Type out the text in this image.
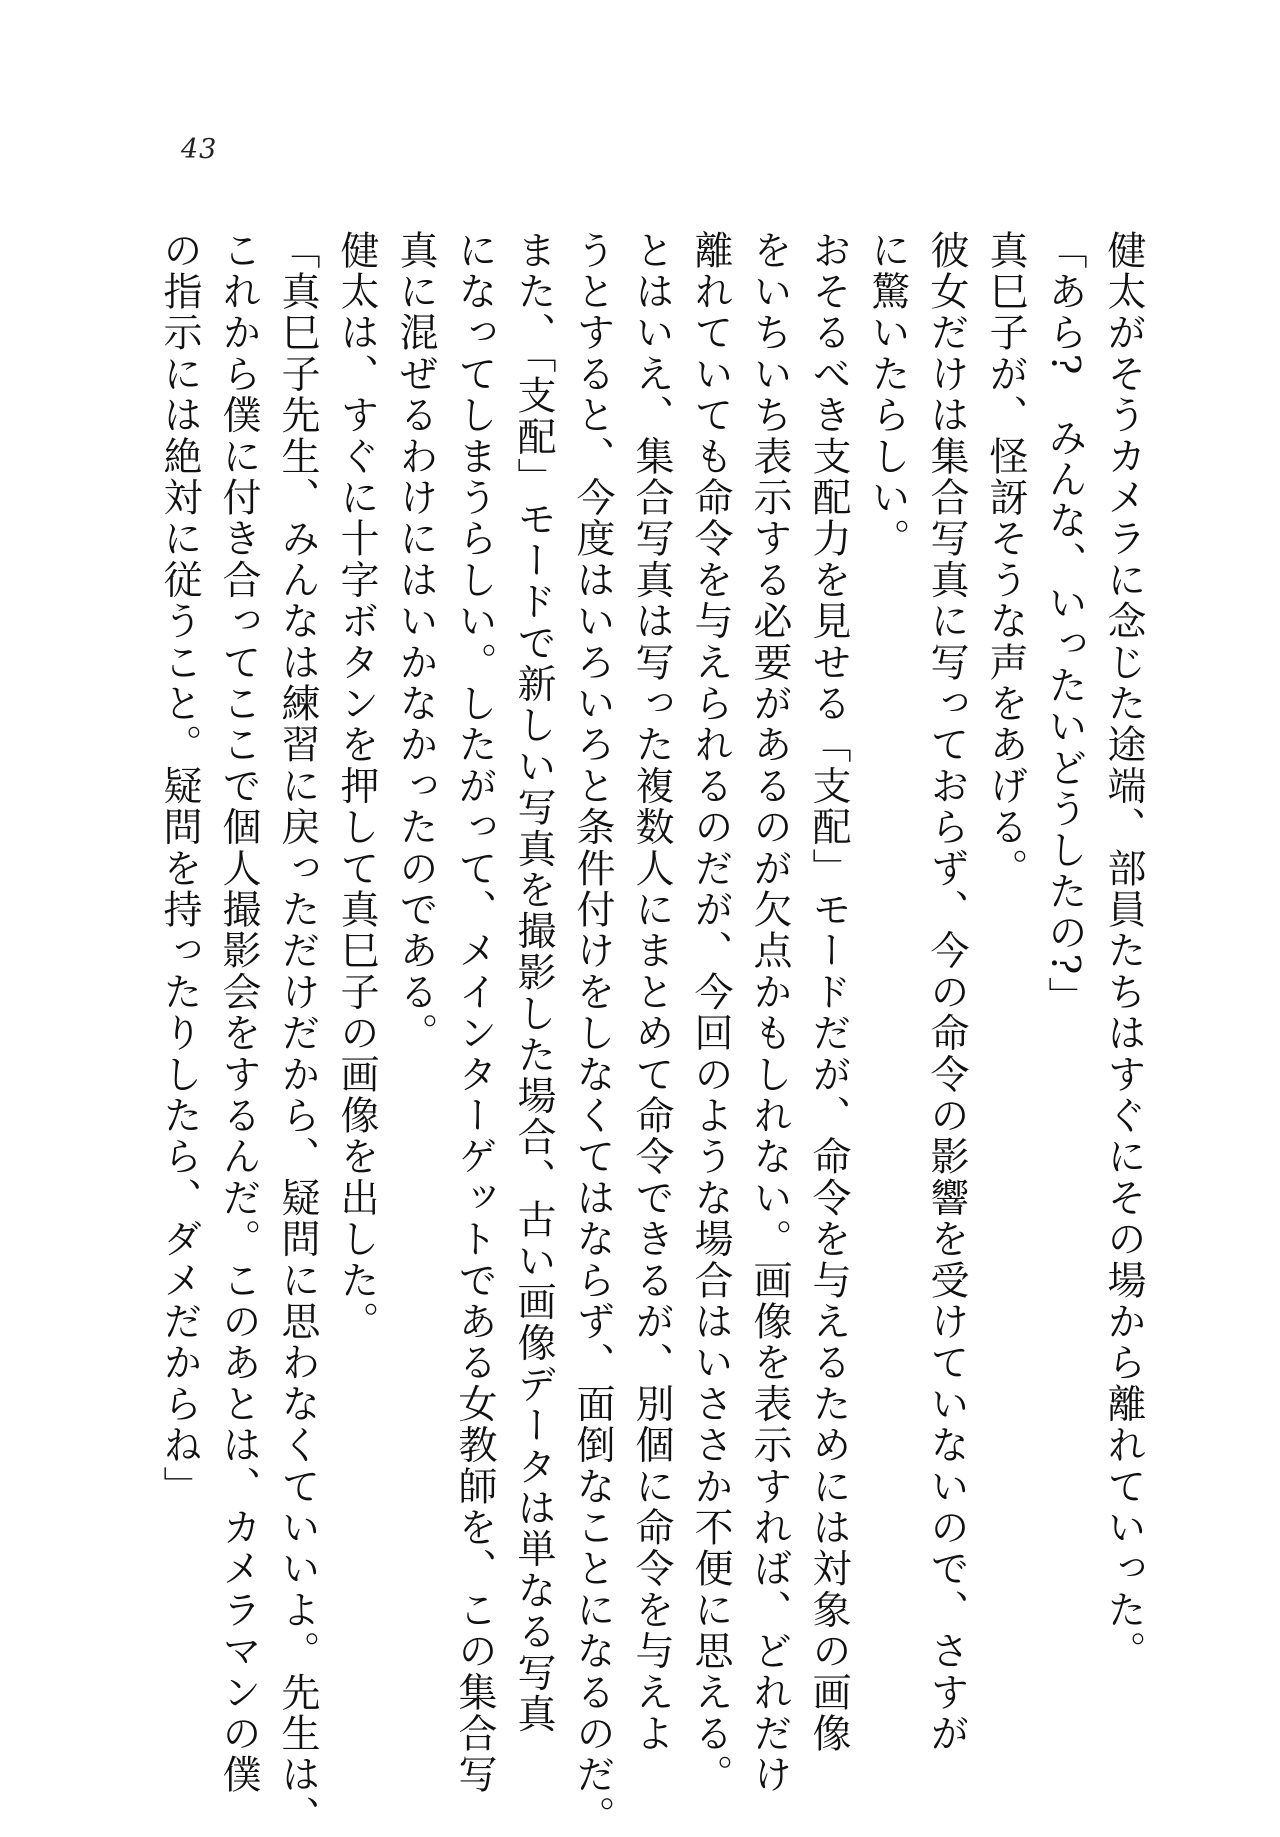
43
健太がそうカメラに念じた途端、部員たちはすぐにその場から離れていった。
「あら?　みんな、いったいどうしたの?」
真巳子が、怪訝そうな声をあげる。
彼女だけは集合写真に写っておらず、今の命令の影響を受けていないので、さすが
に驚いたらしい。
おそるべき支配力を見せる「支配」モードだが、命令を与えるためには対象の画像
をいちいち表示する必要があるのが欠点かもしれない。画像を表示すれば、どれだけ
離れていても命令を与えられるのだが、今回のような場合はいささか不便に思える。
とはいえ、集合写真は写った複数人にまとめて命令できるが、別個に命令を与えよ
うとすると、今度はいろいろと条件付けをしなくてはならず、面倒なことになるのだ。
また、「支配」モードで新しい写真を撮影した場合、古い画像データは単なる写真
になってしまうらしい。したがって、メインターゲットである女教師を、この集合写
真に混ぜるわけにはいかなかったのである。
健太は、すぐに十字ボタンを押して真巳子の画像を出した。
「真巳子先生、みんなは練習に戻っただけだから、疑問に思わなくていいよ。先生は、
これから僕に付き合ってここで個人撮影会をするんだ。このあとは、カメラマンの僕
の指示には絶対に従うこと。疑問を持ったりしたら、ダメだからね」
